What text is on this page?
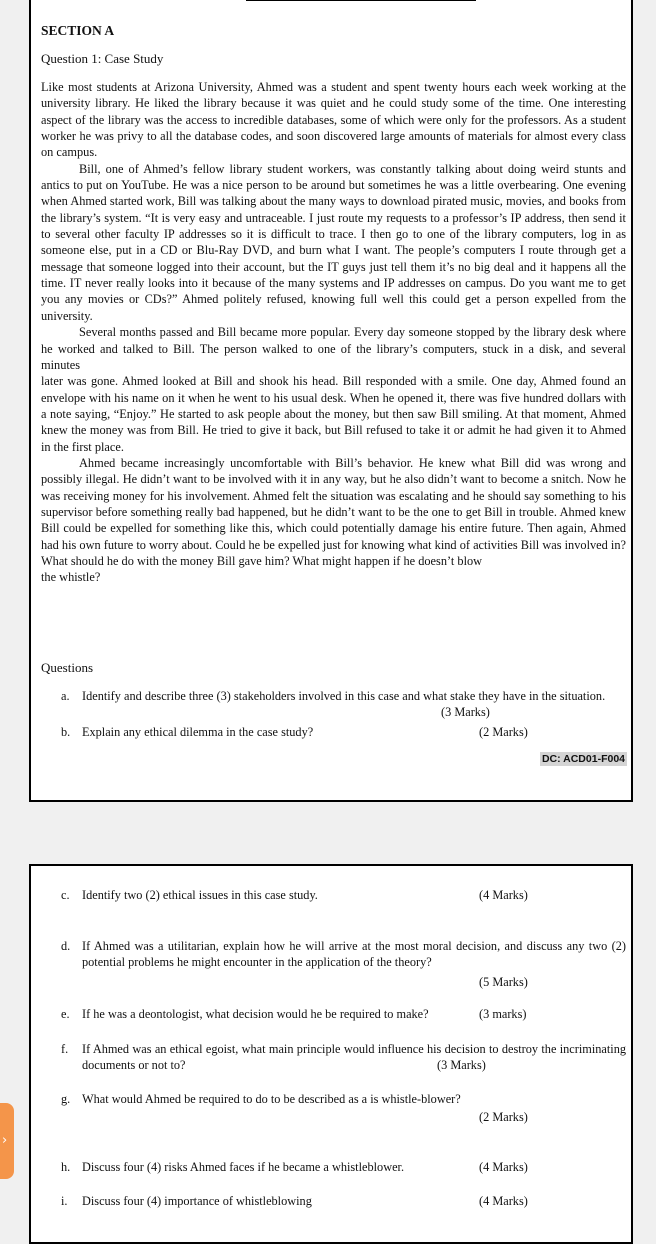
SECTION A
Question 1: Case Study

Like most students at Arizona University, Ahmed was a student and spent twenty hours each week working at the university library. He liked the library because it was quiet and he could study some of the time. One interesting aspect of the library was the access to incredible databases, some of which were only for the professors. As a student worker he was privy to all the database codes, and soon discovered large amounts of materials for almost every class on campus.

Bill, one of Ahmed’s fellow library student workers, was constantly talking about doing weird stunts and antics to put on YouTube. He was a nice person to be around but sometimes he was a little overbearing. One evening when Ahmed started work, Bill was talking about the many ways to download pirated music, movies, and books from the library’s system. “It is very easy and untraceable. I just route my requests to a professor’s IP address, then send it to several other faculty IP addresses so it is difficult to trace. I then go to one of the library computers, log in as someone else, put in a CD or Blu-Ray DVD, and burn what I want. The people’s computers I route through get a message that someone logged into their account, but the IT guys just tell them it’s no big deal and it happens all the time. IT never really looks into it because of the many systems and IP addresses on campus. Do you want me to get you any movies or CDs?” Ahmed politely refused, knowing full well this could get a person expelled from the university.

Several months passed and Bill became more popular. Every day someone stopped by the library desk where he worked and talked to Bill. The person walked to one of the library’s computers, stuck in a disk, and several minutes

later was gone. Ahmed looked at Bill and shook his head. Bill responded with a smile. One day, Ahmed found an envelope with his name on it when he went to his usual desk. When he opened it, there was five hundred dollars with a note saying, “Enjoy.” He started to ask people about the money, but then saw Bill smiling. At that moment, Ahmed knew the money was from Bill. He tried to give it back, but Bill refused to take it or admit he had given it to Ahmed in the first place.

Ahmed became increasingly uncomfortable with Bill’s behavior. He knew what Bill did was wrong and possibly illegal. He didn’t want to be involved with it in any way, but he also didn’t want to become a snitch. Now he was receiving money for his involvement. Ahmed felt the situation was escalating and he should say something to his supervisor before something really bad happened, but he didn’t want to be the one to get Bill in trouble. Ahmed knew Bill could be expelled for something like this, which could potentially damage his entire future. Then again, Ahmed had his own future to worry about. Could he be expelled just for knowing what kind of activities Bill was involved in? What should he do with the money Bill gave him? What might happen if he doesn’t blow

the whistle?

Questions
a. Identify and describe three (3) stakeholders involved in this case and what stake they have in the situation.
(3 Marks)
b. Explain any ethical dilemma in the case study?	(2 Marks)
DC: ACD01-F004
c. Identify two (2) ethical issues in this case study.	(4 Marks)
d. If Ahmed was a utilitarian, explain how he will arrive at the most moral decision, and discuss any two (2) potential problems he might encounter in the application of the theory?
(5 Marks)
e. If he was a deontologist, what decision would he be required to make?	(3 marks)
f. If Ahmed was an ethical egoist, what main principle would influence his decision to destroy the incriminating documents or not to?	(3 Marks)
g. What would Ahmed be required to do to be described as a is whistle-blower?
(2 Marks)
h. Discuss four (4) risks Ahmed faces if he became a whistleblower.	(4 Marks)
i. Discuss four (4) importance of whistleblowing	(4 Marks)
›
